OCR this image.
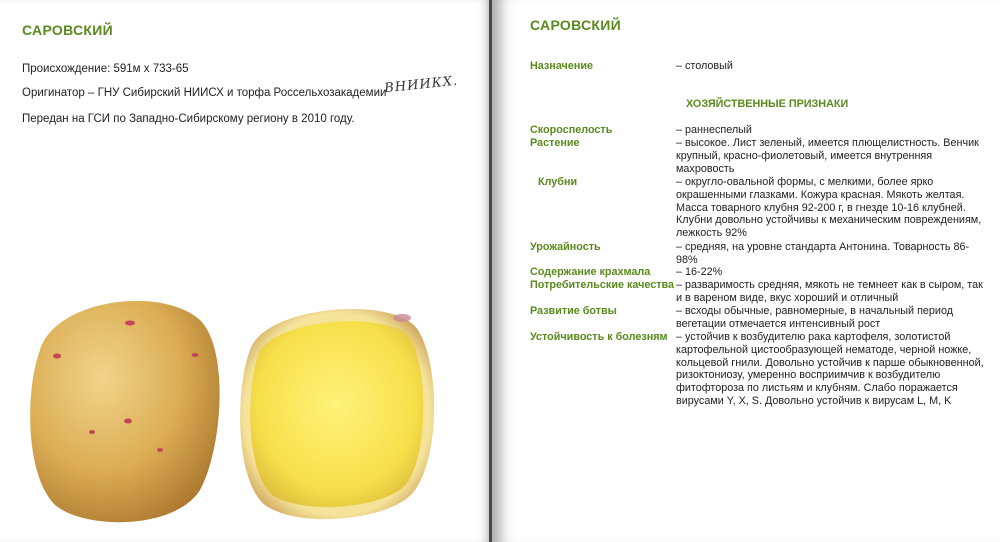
САРОВСКИЙ
Происхождение: 591м х 733-65
Оригинатор – ГНУ Сибирский НИИСХ и торфа Россельхозакадемии
, ВНИИКХ.
Передан на ГСИ по Западно-Сибирскому региону в 2010 году.
САРОВСКИЙ
Назначение	– столовый
ХОЗЯЙСТВЕННЫЕ ПРИЗНАКИ
Скороспелость	– раннеспелый
Растение	– высокое. Лист зеленый, имеется плющелистность. Венчик крупный, красно-фиолетовый, имеется внутренняя махровость
Клубни	– округло-овальной формы, с мелкими, более ярко окрашенными глазками. Кожура красная. Мякоть желтая. Масса товарного клубня 92-200 г, в гнезде 10-16 клубней. Клубни довольно устойчивы к механическим повреждениям, лежкость 92%
Урожайность	– средняя, на уровне стандарта Антонина. Товарность 86-98%
Содержание крахмала – 16-22%
Потребительские качества – разваримость средняя, мякоть не темнеет как в сыром, так и в вареном виде, вкус хороший и отличный
Развитие ботвы	– всходы обычные, равномерные, в начальный период вегетации отмечается интенсивный рост
Устойчивость к болезням – устойчив к возбудителю рака картофеля, золотистой картофельной цистообразующей нематоде, черной ножке, кольцевой гнили. Довольно устойчив к парше обыкновенной, ризоктониозу, умеренно восприимчив к возбудителю фитофтороза по листьям и клубням. Слабо поражается вирусами Y, X, S. Довольно устойчив к вирусам L, M, K
